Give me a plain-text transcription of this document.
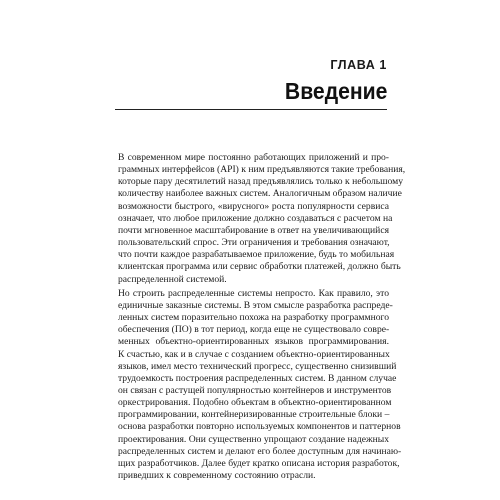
ГЛАВА 1
Введение

В современном мире постоянно работающих приложений и про-
граммных интерфейсов (API) к ним предъявляются такие требования,
которые пару десятилетий назад предъявлялись только к небольшому
количеству наиболее важных систем. Аналогичным образом наличие
возможности быстрого, «вирусного» роста популярности сервиса
означает, что любое приложение должно создаваться с расчетом на
почти мгновенное масштабирование в ответ на увеличивающийся
пользовательский спрос. Эти ограничения и требования означают,
что почти каждое разрабатываемое приложение, будь то мобильная
клиентская программа или сервис обработки платежей, должно быть
распределенной системой.

Но строить распределенные системы непросто. Как правило, это
единичные заказные системы. В этом смысле разработка распреде-
ленных систем поразительно похожа на разработку программного
обеспечения (ПО) в тот период, когда еще не существовало совре-
менных объектно-ориентированных языков программирования.
К счастью, как и в случае с созданием объектно-ориентированных
языков, имел место технический прогресс, существенно снизивший
трудоемкость построения распределенных систем. В данном случае
он связан с растущей популярностью контейнеров и инструментов
оркестрирования. Подобно объектам в объектно-ориентированном
программировании, контейнеризированные строительные блоки –
основа разработки повторно используемых компонентов и паттернов
проектирования. Они существенно упрощают создание надежных
распределенных систем и делают его более доступным для начинаю-
щих разработчиков. Далее будет кратко описана история разработок,
приведших к современному состоянию отрасли.
